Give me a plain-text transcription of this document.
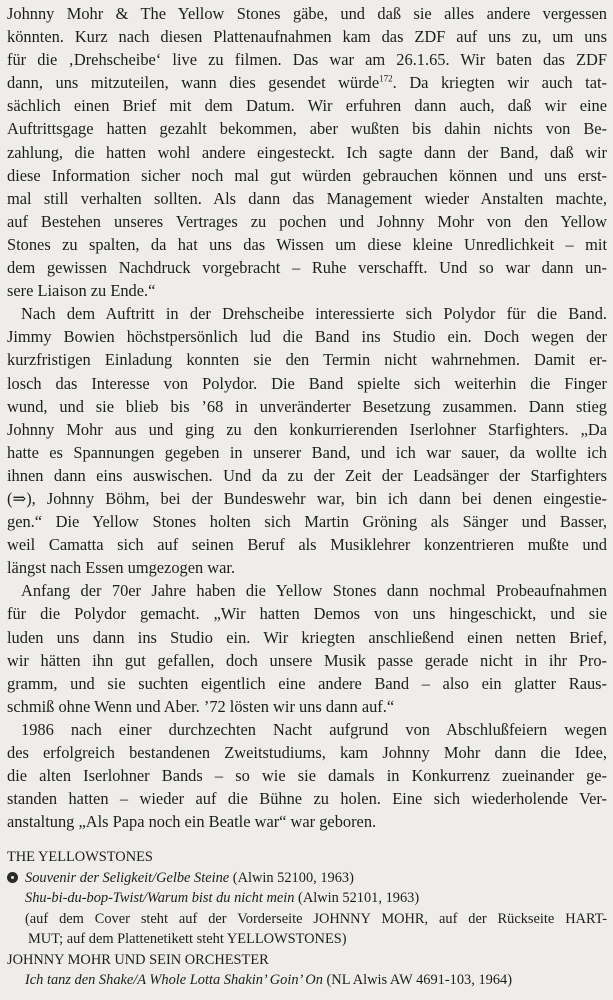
Johnny Mohr & The Yellow Stones gäbe, und daß sie alles andere vergessen
könnten. Kurz nach diesen Plattenaufnahmen kam das ZDF auf uns zu, um uns
für die ‚Drehscheibe‘ live zu filmen. Das war am 26.1.65. Wir baten das ZDF
dann, uns mitzuteilen, wann dies gesendet würde$^{172}$. Da kriegten wir auch tat-
sächlich einen Brief mit dem Datum. Wir erfuhren dann auch, daß wir eine
Auftrittsgage hatten gezahlt bekommen, aber wußten bis dahin nichts von Be-
zahlung, die hatten wohl andere eingesteckt. Ich sagte dann der Band, daß wir
diese Information sicher noch mal gut würden gebrauchen können und uns erst-
mal still verhalten sollten. Als dann das Management wieder Anstalten machte,
auf Bestehen unseres Vertrages zu pochen und Johnny Mohr von den Yellow
Stones zu spalten, da hat uns das Wissen um diese kleine Unredlichkeit – mit
dem gewissen Nachdruck vorgebracht – Ruhe verschafft. Und so war dann un-
sere Liaison zu Ende.“
Nach dem Auftritt in der Drehscheibe interessierte sich Polydor für die Band.
Jimmy Bowien höchstpersönlich lud die Band ins Studio ein. Doch wegen der
kurzfristigen Einladung konnten sie den Termin nicht wahrnehmen. Damit er-
losch das Interesse von Polydor. Die Band spielte sich weiterhin die Finger
wund, und sie blieb bis ’68 in unveränderter Besetzung zusammen. Dann stieg
Johnny Mohr aus und ging zu den konkurrierenden Iserlohner Starfighters. „Da
hatte es Spannungen gegeben in unserer Band, und ich war sauer, da wollte ich
ihnen dann eins auswischen. Und da zu der Zeit der Leadsänger der Starfighters
(⇒), Johnny Böhm, bei der Bundeswehr war, bin ich dann bei denen eingestie-
gen.“ Die Yellow Stones holten sich Martin Gröning als Sänger und Basser,
weil Camatta sich auf seinen Beruf als Musiklehrer konzentrieren mußte und
längst nach Essen umgezogen war.
Anfang der 70er Jahre haben die Yellow Stones dann nochmal Probeaufnahmen
für die Polydor gemacht. „Wir hatten Demos von uns hingeschickt, und sie
luden uns dann ins Studio ein. Wir kriegten anschließend einen netten Brief,
wir hätten ihn gut gefallen, doch unsere Musik passe gerade nicht in ihr Pro-
gramm, und sie suchten eigentlich eine andere Band – also ein glatter Raus-
schmiß ohne Wenn und Aber. ’72 lösten wir uns dann auf.“
1986 nach einer durchzechten Nacht aufgrund von Abschlußfeiern wegen
des erfolgreich bestandenen Zweitstudiums, kam Johnny Mohr dann die Idee,
die alten Iserlohner Bands – so wie sie damals in Konkurrenz zueinander ge-
standen hatten – wieder auf die Bühne zu holen. Eine sich wiederholende Ver-
anstaltung „Als Papa noch ein Beatle war“ war geboren.
THE YELLOWSTONES
Souvenir der Seligkeit/Gelbe Steine (Alwin 52100, 1963)
Shu-bi-du-bop-Twist/Warum bist du nicht mein (Alwin 52101, 1963)
(auf dem Cover steht auf der Vorderseite JOHNNY MOHR, auf der Rückseite HART-
MUT; auf dem Plattenetikett steht YELLOWSTONES)
JOHNNY MOHR UND SEIN ORCHESTER
Ich tanz den Shake/A Whole Lotta Shakin’ Goin’ On (NL Alwis AW 4691-103, 1964)
